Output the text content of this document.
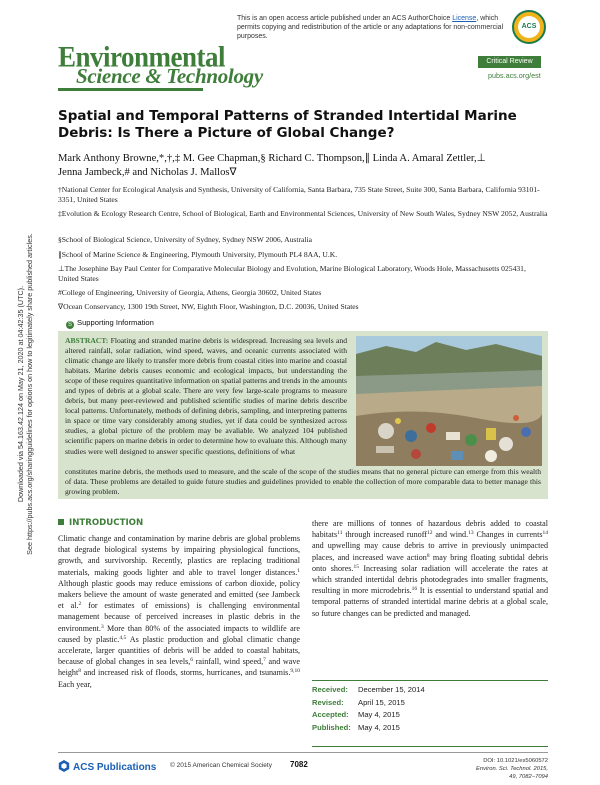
Downloaded via 54.163.42.124 on May 21, 2020 at 04:42:35 (UTC). See https://pubs.acs.org/sharingguidelines for options on how to legitimately share published articles.
This is an open access article published under an ACS AuthorChoice License, which permits copying and redistribution of the article or any adaptations for non-commercial purposes.
ACS
Environmental
Science & Technology
Critical Review
pubs.acs.org/est
Spatial and Temporal Patterns of Stranded Intertidal Marine Debris: Is There a Picture of Global Change?
Mark Anthony Browne,*,†,‡ M. Gee Chapman,§ Richard C. Thompson,∥ Linda A. Amaral Zettler,⊥
Jenna Jambeck,# and Nicholas J. Mallos∇
†National Center for Ecological Analysis and Synthesis, University of California, Santa Barbara, 735 State Street, Suite 300, Santa Barbara, California 93101-3351, United States
‡Evolution & Ecology Research Centre, School of Biological, Earth and Environmental Sciences, University of New South Wales, Sydney NSW 2052, Australia
§School of Biological Science, University of Sydney, Sydney NSW 2006, Australia
∥School of Marine Science & Engineering, Plymouth University, Plymouth PL4 8AA, U.K.
⊥The Josephine Bay Paul Center for Comparative Molecular Biology and Evolution, Marine Biological Laboratory, Woods Hole, Massachusetts 025431, United States
#College of Engineering, University of Georgia, Athens, Georgia 30602, United States
∇Ocean Conservancy, 1300 19th Street, NW, Eighth Floor, Washington, D.C. 20036, United States
S Supporting Information
ABSTRACT: Floating and stranded marine debris is widespread. Increasing sea levels and altered rainfall, solar radiation, wind speed, waves, and oceanic currents associated with climatic change are likely to transfer more debris from coastal cities into marine and coastal habitats. Marine debris causes economic and ecological impacts, but understanding the scope of these requires quantitative information on spatial patterns and trends in the amounts and types of debris at a global scale. There are very few large-scale programs to measure debris, but many peer-reviewed and published scientific studies of marine debris describe local patterns. Unfortunately, methods of defining debris, sampling, and interpreting patterns in space or time vary considerably among studies, yet if data could be synthesized across studies, a global picture of the problem may be avaliable. We analyzed 104 published scientific papers on marine debris in order to determine how to evaluate this. Although many studies were well designed to answer specific questions, definitions of what
constitutes marine debris, the methods used to measure, and the scale of the scope of the studies means that no general picture can emerge from this wealth of data. These problems are detailed to guide future studies and guidelines provided to enable the collection of more comparable data to better manage this growing problem.
INTRODUCTION
Climatic change and contamination by marine debris are global problems that degrade biological systems by impairing physiological functions, growth, and survivorship. Recently, plastics are replacing traditional materials, making goods lighter and able to travel longer distances.$^1$ Although plastic goods may reduce emissions of carbon dioxide, policy makers believe the amount of waste generated and emitted (see Jambeck et al.$^2$ for estimates of emissions) is challenging environmental management because of perceived increases in plastic debris in the environment.$^3$ More than 80% of the associated impacts to wildlife are caused by plastic.$^{4,5}$ As plastic production and global climatic change accelerate, larger quantities of debris will be added to coastal habitats, because of global changes in sea levels,$^6$ rainfall, wind speed,$^7$ and wave height$^8$ and increased risk of floods, storms, hurricanes, and tsunamis.$^{9,10}$ Each year,
there are millions of tonnes of hazardous debris added to coastal habitats$^{11}$ through increased runoff$^{12}$ and wind.$^{13}$ Changes in currents$^{14}$ and upwelling may cause debris to arrive in previously unimpacted places, and increased wave action$^8$ may bring floating subtidal debris onto shores.$^{15}$ Increasing solar radiation will accelerate the rates at which stranded intertidal debris photodegrades into smaller fragments, resulting in more microdebris.$^{16}$ It is essential to understand spatial and temporal patterns of stranded intertidal marine debris at a global scale, so future changes can be predicted and managed.
Received: December 15, 2014
Revised: April 15, 2015
Accepted: May 4, 2015
Published: May 4, 2015
ACS Publications © 2015 American Chemical Society 7082	DOI: 10.1021/es5060572
Environ. Sci. Technol. 2015, 49, 7082−7094
